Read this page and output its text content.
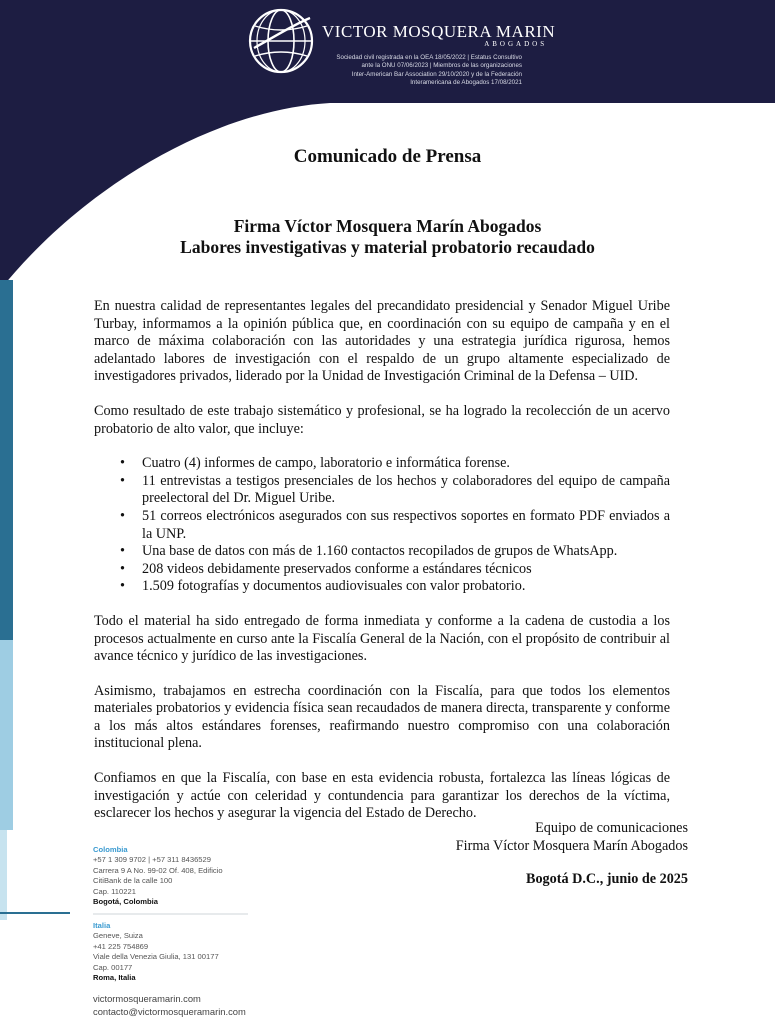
VICTOR MOSQUERA MARIN
ABOGADOS
Sociedad civil registrada en la OEA 18/05/2022 | Estatus Consultivo
ante la ONU 07/06/2023 | Miembros de las organizaciones
Inter-American Bar Association 29/10/2020 y de la Federación
Interamericana de Abogados 17/08/2021
Comunicado de Prensa
Firma Víctor Mosquera Marín Abogados
Labores investigativas y material probatorio recaudado

En nuestra calidad de representantes legales del precandidato presidencial y Senador Miguel Uribe Turbay, informamos a la opinión pública que, en coordinación con su equipo de campaña y en el marco de máxima colaboración con las autoridades y una estrategia jurídica rigurosa, hemos adelantado labores de investigación con el respaldo de un grupo altamente especializado de investigadores privados, liderado por la Unidad de Investigación Criminal de la Defensa – UID.

Como resultado de este trabajo sistemático y profesional, se ha logrado la recolección de un acervo probatorio de alto valor, que incluye:

• Cuatro (4) informes de campo, laboratorio e informática forense.
• 11 entrevistas a testigos presenciales de los hechos y colaboradores del equipo de campaña preelectoral del Dr. Miguel Uribe.
• 51 correos electrónicos asegurados con sus respectivos soportes en formato PDF enviados a la UNP.
• Una base de datos con más de 1.160 contactos recopilados de grupos de WhatsApp.
• 208 videos debidamente preservados conforme a estándares técnicos
• 1.509 fotografías y documentos audiovisuales con valor probatorio.

Todo el material ha sido entregado de forma inmediata y conforme a la cadena de custodia a los procesos actualmente en curso ante la Fiscalía General de la Nación, con el propósito de contribuir al avance técnico y jurídico de las investigaciones.

Asimismo, trabajamos en estrecha coordinación con la Fiscalía, para que todos los elementos materiales probatorios y evidencia física sean recaudados de manera directa, transparente y conforme a los más altos estándares forenses, reafirmando nuestro compromiso con una colaboración institucional plena.

Confiamos en que la Fiscalía, con base en esta evidencia robusta, fortalezca las líneas lógicas de investigación y actúe con celeridad y contundencia para garantizar los derechos de la víctima, esclarecer los hechos y asegurar la vigencia del Estado de Derecho.

Equipo de comunicaciones
Firma Víctor Mosquera Marín Abogados
Bogotá D.C., junio de 2025
Colombia
+57 1 309 9702 | +57 311 8436529
Carrera 9 A No. 99-02 Of. 408, Edificio
CitiBank de la calle 100
Cap. 110221
Bogotá, Colombia
Italia
Geneve, Suiza
+41 225 754869
Viale della Venezia Giulia, 131 00177
Cap. 00177
Roma, Italia
victormosqueramarin.com
contacto@victormosqueramarin.com
